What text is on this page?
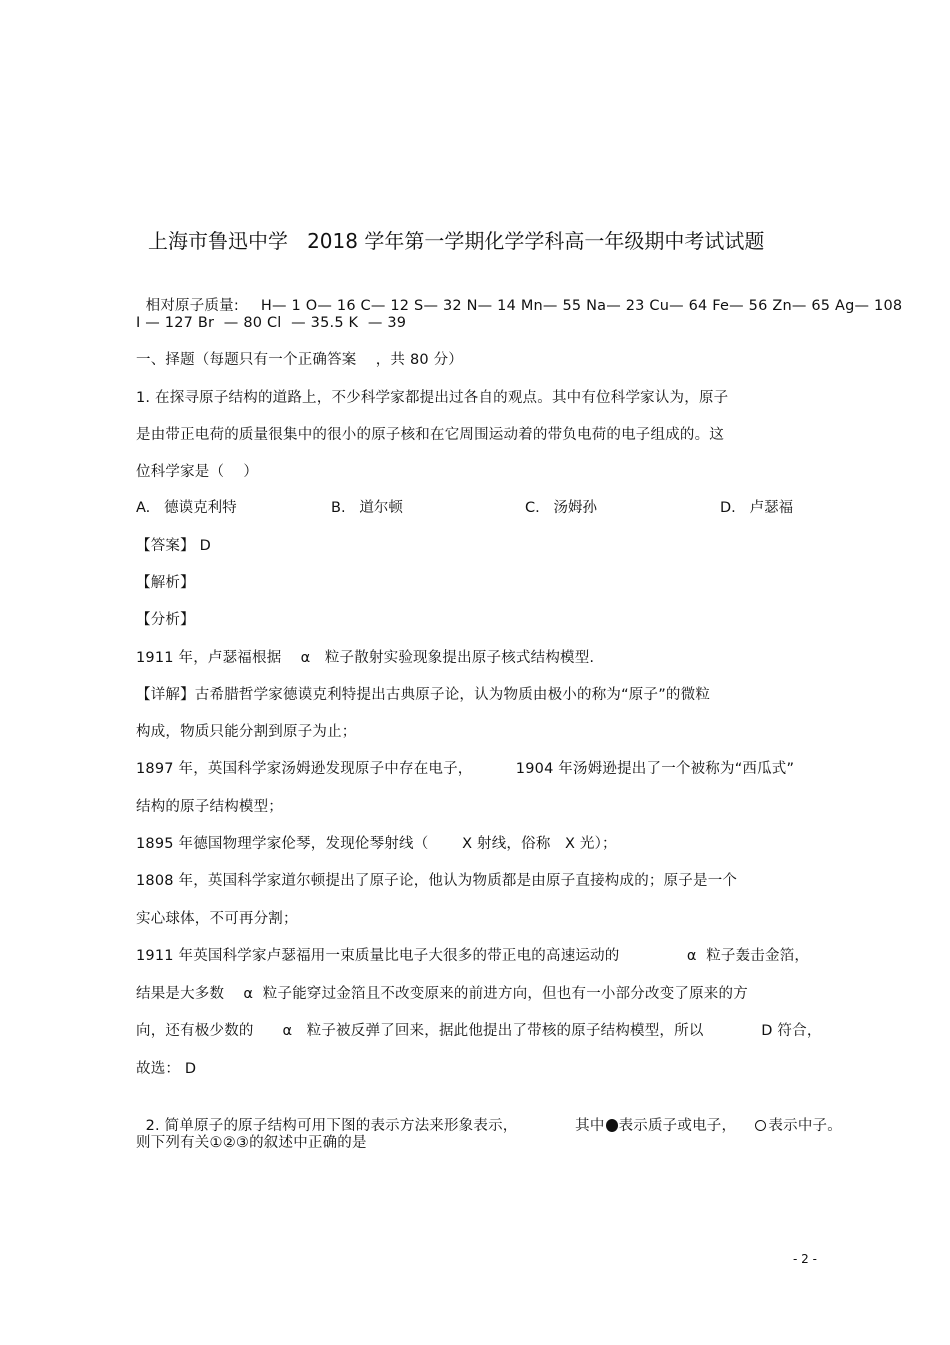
上海市鲁迅中学   2018 学年第一学期化学学科高一年级期中考试试题

相对原子质量: H— 1 O— 16 C— 12 S— 32 N— 14 Mn— 55 Na— 23 Cu— 64 Fe— 56 Zn— 65 Ag— 108

I — 127 Br  — 80 Cl  — 35.5 K  — 39
一、择题（每题只有一个正确答案    ，共 80 分）
1. 在探寻原子结构的道路上，不少科学家都提出过各自的观点。其中有位科学家认为，原子
是由带正电荷的质量很集中的很小的原子核和在它周围运动着的带负电荷的电子组成的。这
位科学家是（    ）
A.   德谟克利特	B.   道尔顿	C.   汤姆孙	D.   卢瑟福
【答案】 D
【解析】
【分析】
1911 年，卢瑟福根据    α   粒子散射实验现象提出原子核式结构模型.
【详解】古希腊哲学家德谟克利特提出古典原子论，认为物质由极小的称为“原子”的微粒
构成，物质只能分割到原子为止；
1897 年，英国科学家汤姆逊发现原子中存在电子，         1904 年汤姆逊提出了一个被称为“西瓜式”
结构的原子结构模型；
1895 年德国物理学家伦琴，发现伦琴射线（       X 射线，俗称   X 光）；
1808 年，英国科学家道尔顿提出了原子论，他认为物质都是由原子直接构成的；原子是一个
实心球体，不可再分割；
1911 年英国科学家卢瑟福用一束质量比电子大很多的带正电的高速运动的              α  粒子轰击金箔，
结果是大多数    α  粒子能穿过金箔且不改变原来的前进方向，但也有一小部分改变了原来的方
向，还有极少数的      α   粒子被反弹了回来，据此他提出了带核的原子结构模型，所以            D 符合，
故选： D

2. 简单原子的原子结构可用下图的表示方法来形象表示，            其中 表示质子或电子，    表示中子。

则下列有关①②③的叙述中正确的是
- 2 -
